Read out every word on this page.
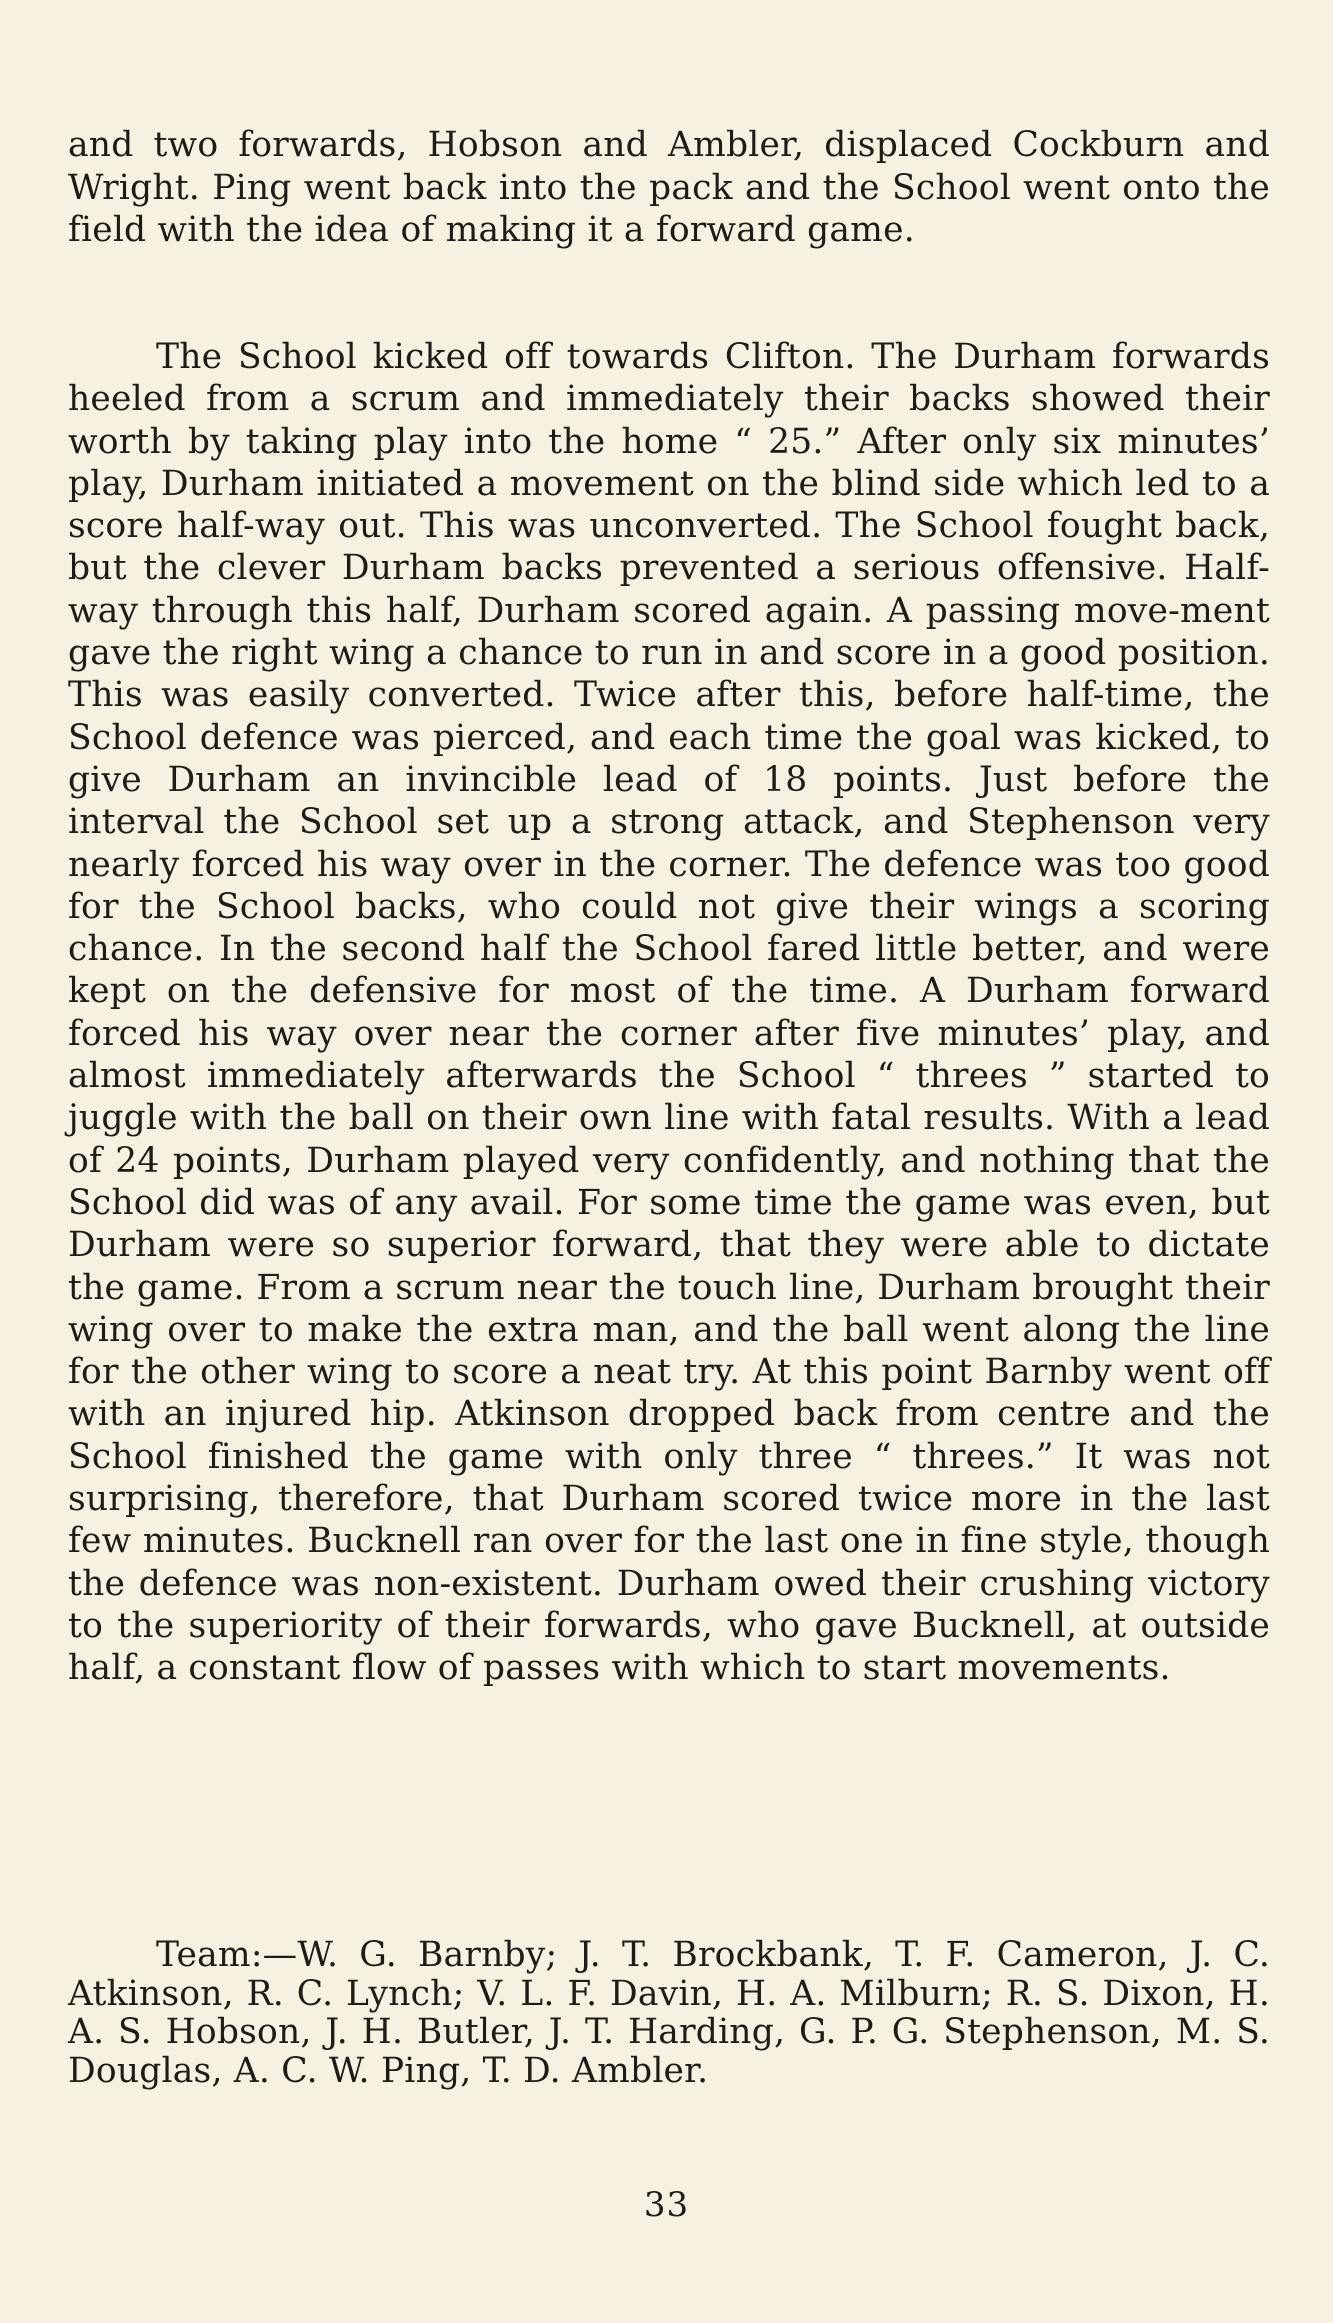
and two forwards, Hobson and Ambler, displaced Cockburn and Wright. Ping went back into the pack and the School went onto the field with the idea of making it a forward game.

The School kicked off towards Clifton. The Durham forwards heeled from a scrum and immediately their backs showed their worth by taking play into the home “ 25.” After only six minutes’ play, Durham initiated a movement on the blind side which led to a score half-way out. This was unconverted. The School fought back, but the clever Durham backs prevented a serious offensive. Half-way through this half, Durham scored again. A passing move-ment gave the right wing a chance to run in and score in a good position. This was easily converted. Twice after this, before half-time, the School defence was pierced, and each time the goal was kicked, to give Durham an invincible lead of 18 points. Just before the interval the School set up a strong attack, and Stephenson very nearly forced his way over in the corner. The defence was too good for the School backs, who could not give their wings a scoring chance. In the second half the School fared little better, and were kept on the defensive for most of the time. A Durham forward forced his way over near the corner after five minutes’ play, and almost immediately afterwards the School “ threes ” started to juggle with the ball on their own line with fatal results. With a lead of 24 points, Durham played very confidently, and nothing that the School did was of any avail. For some time the game was even, but Durham were so superior forward, that they were able to dictate the game. From a scrum near the touch line, Durham brought their wing over to make the extra man, and the ball went along the line for the other wing to score a neat try. At this point Barnby went off with an injured hip. Atkinson dropped back from centre and the School finished the game with only three “ threes.” It was not surprising, therefore, that Durham scored twice more in the last few minutes. Bucknell ran over for the last one in fine style, though the defence was non-existent. Durham owed their crushing victory to the superiority of their forwards, who gave Bucknell, at outside half, a constant flow of passes with which to start movements.

Team:—W. G. Barnby; J. T. Brockbank, T. F. Cameron, J. C. Atkinson, R. C. Lynch; V. L. F. Davin, H. A. Milburn; R. S. Dixon, H. A. S. Hobson, J. H. Butler, J. T. Harding, G. P. G. Stephenson, M. S. Douglas, A. C. W. Ping, T. D. Ambler.

33
